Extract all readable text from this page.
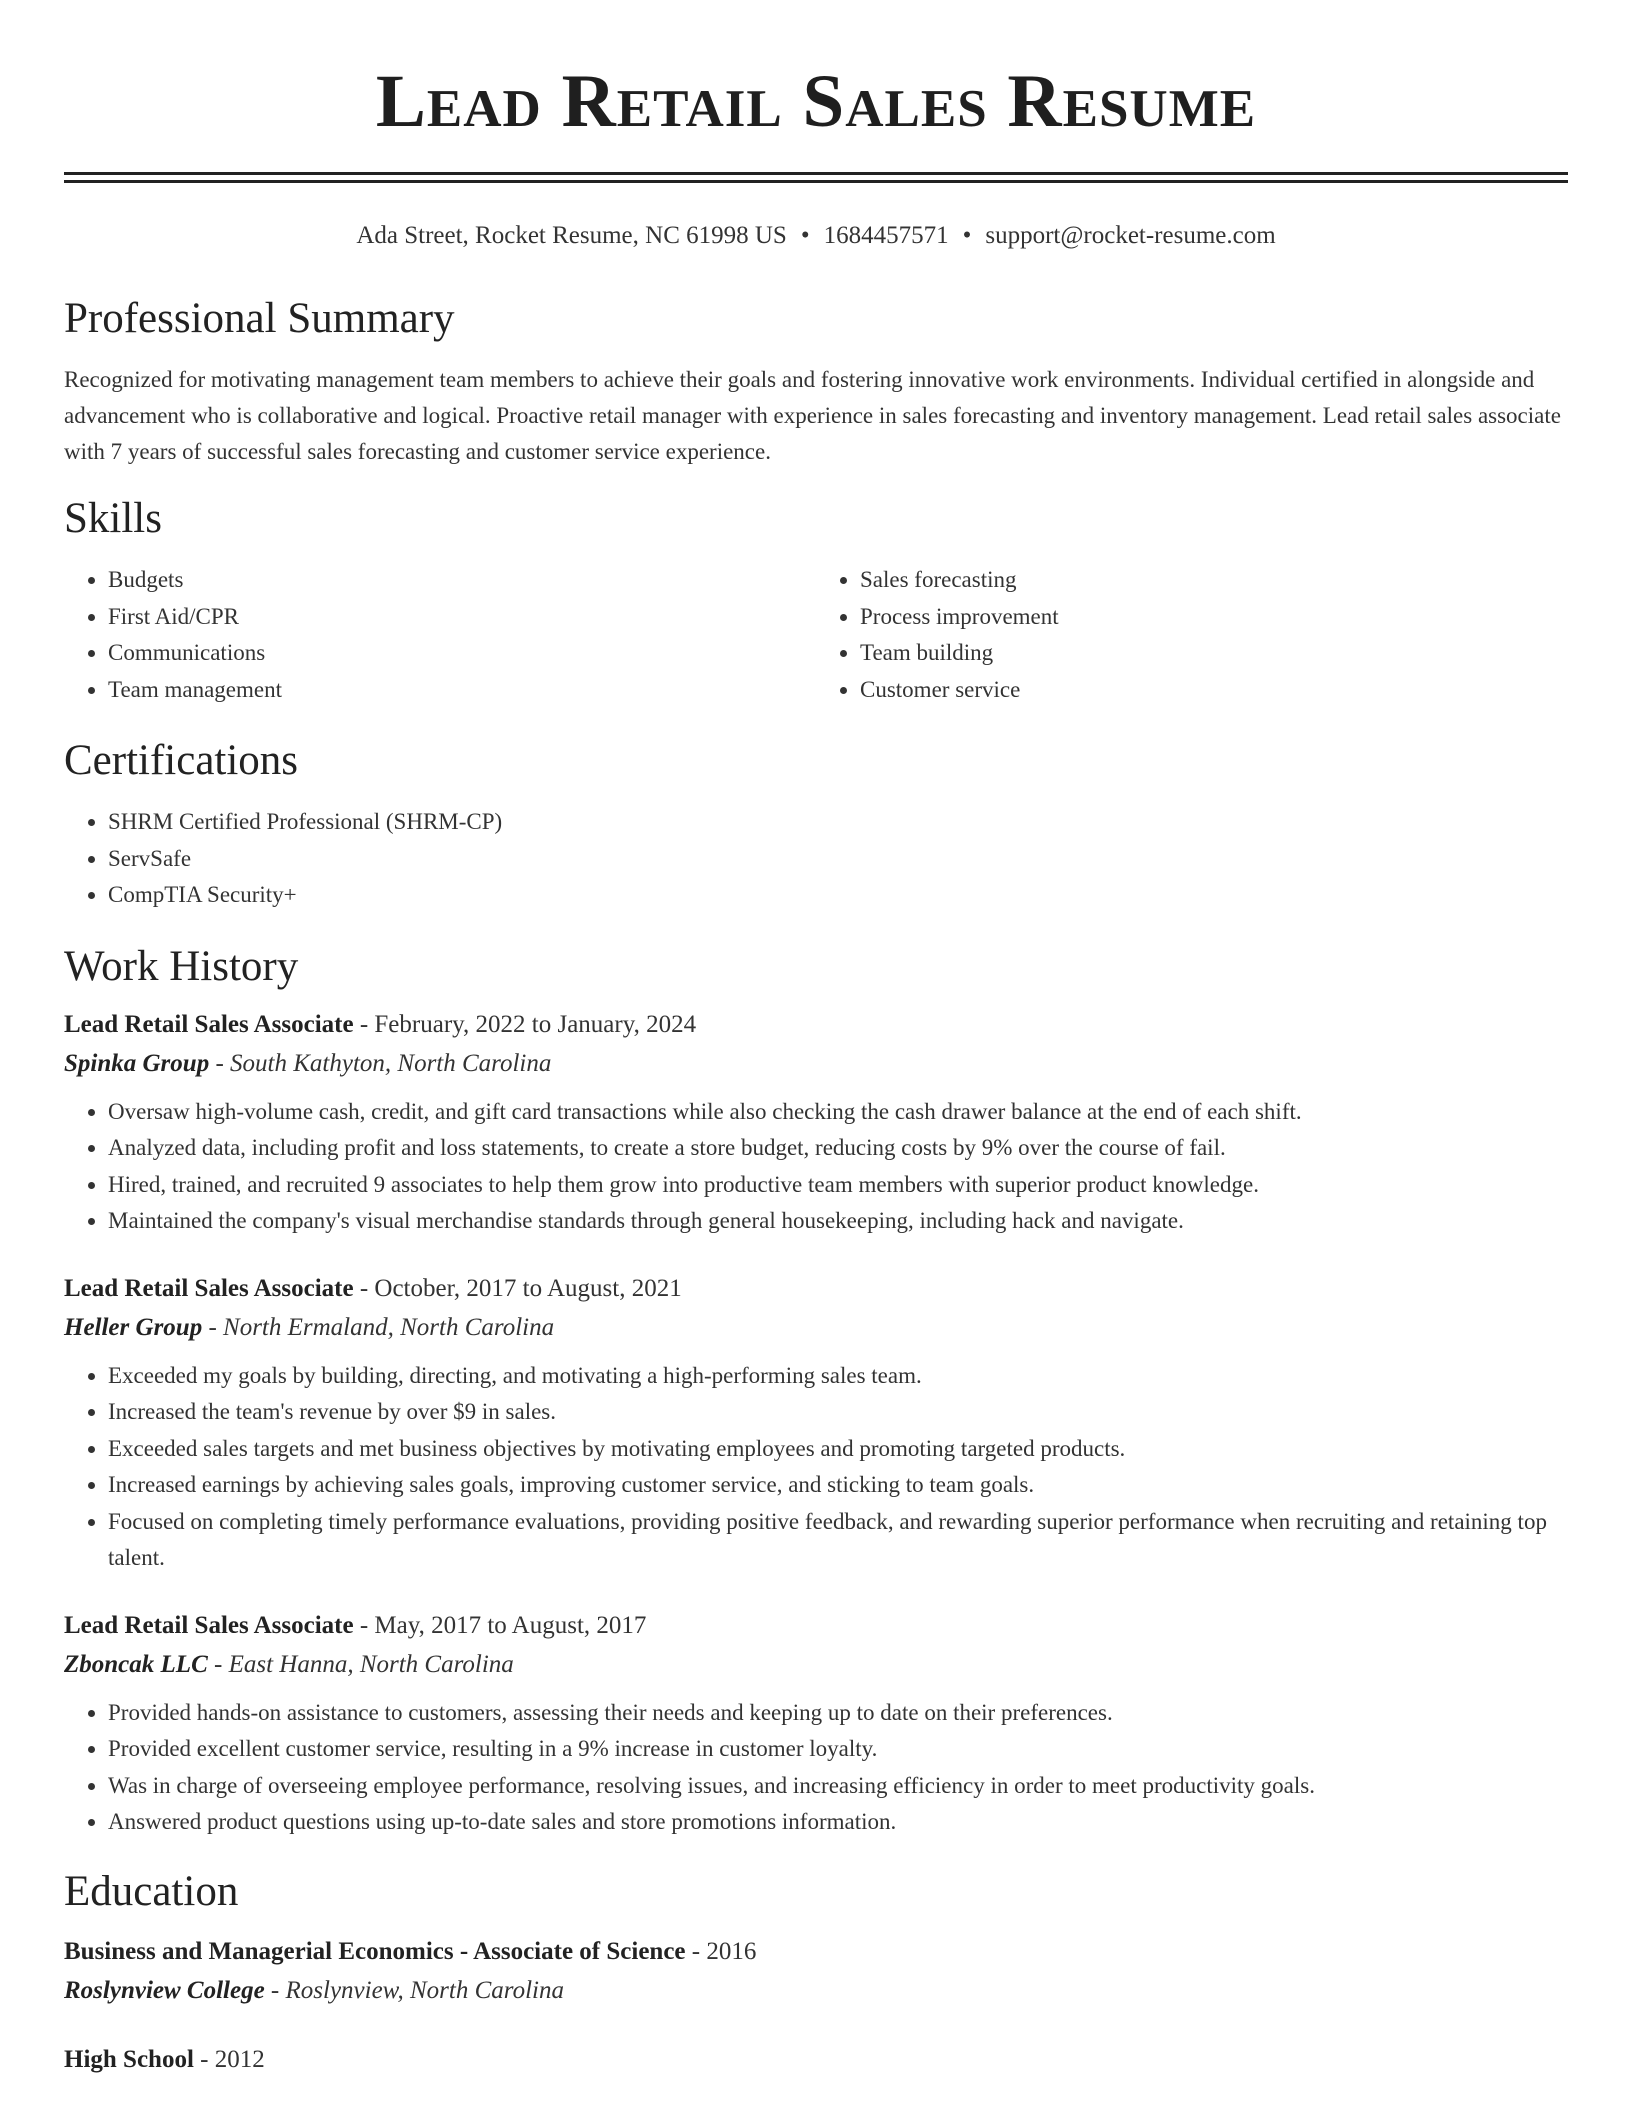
Lead Retail Sales Resume
Ada Street, Rocket Resume, NC 61998 US • 1684457571 • support@rocket-resume.com
Professional Summary

Recognized for motivating management team members to achieve their goals and fostering innovative work environments. Individual certified in alongside and advancement who is collaborative and logical. Proactive retail manager with experience in sales forecasting and inventory management. Lead retail sales associate with 7 years of successful sales forecasting and customer service experience.

Skills
• Budgets
• First Aid/CPR
• Communications
• Team management
• Sales forecasting
• Process improvement
• Team building
• Customer service
Certifications
• SHRM Certified Professional (SHRM-CP)
• ServSafe
• CompTIA Security+
Work History
Lead Retail Sales Associate - February, 2022 to January, 2024
Spinka Group - South Kathyton, North Carolina
• Oversaw high-volume cash, credit, and gift card transactions while also checking the cash drawer balance at the end of each shift.
• Analyzed data, including profit and loss statements, to create a store budget, reducing costs by 9% over the course of fail.
• Hired, trained, and recruited 9 associates to help them grow into productive team members with superior product knowledge.
• Maintained the company's visual merchandise standards through general housekeeping, including hack and navigate.
Lead Retail Sales Associate - October, 2017 to August, 2021
Heller Group - North Ermaland, North Carolina
• Exceeded my goals by building, directing, and motivating a high-performing sales team.
• Increased the team's revenue by over $9 in sales.
• Exceeded sales targets and met business objectives by motivating employees and promoting targeted products.
• Increased earnings by achieving sales goals, improving customer service, and sticking to team goals.
• Focused on completing timely performance evaluations, providing positive feedback, and rewarding superior performance when recruiting and retaining top talent.
Lead Retail Sales Associate - May, 2017 to August, 2017
Zboncak LLC - East Hanna, North Carolina
• Provided hands-on assistance to customers, assessing their needs and keeping up to date on their preferences.
• Provided excellent customer service, resulting in a 9% increase in customer loyalty.
• Was in charge of overseeing employee performance, resolving issues, and increasing efficiency in order to meet productivity goals.
• Answered product questions using up-to-date sales and store promotions information.
Education
Business and Managerial Economics - Associate of Science - 2016
Roslynview College - Roslynview, North Carolina
High School - 2012
